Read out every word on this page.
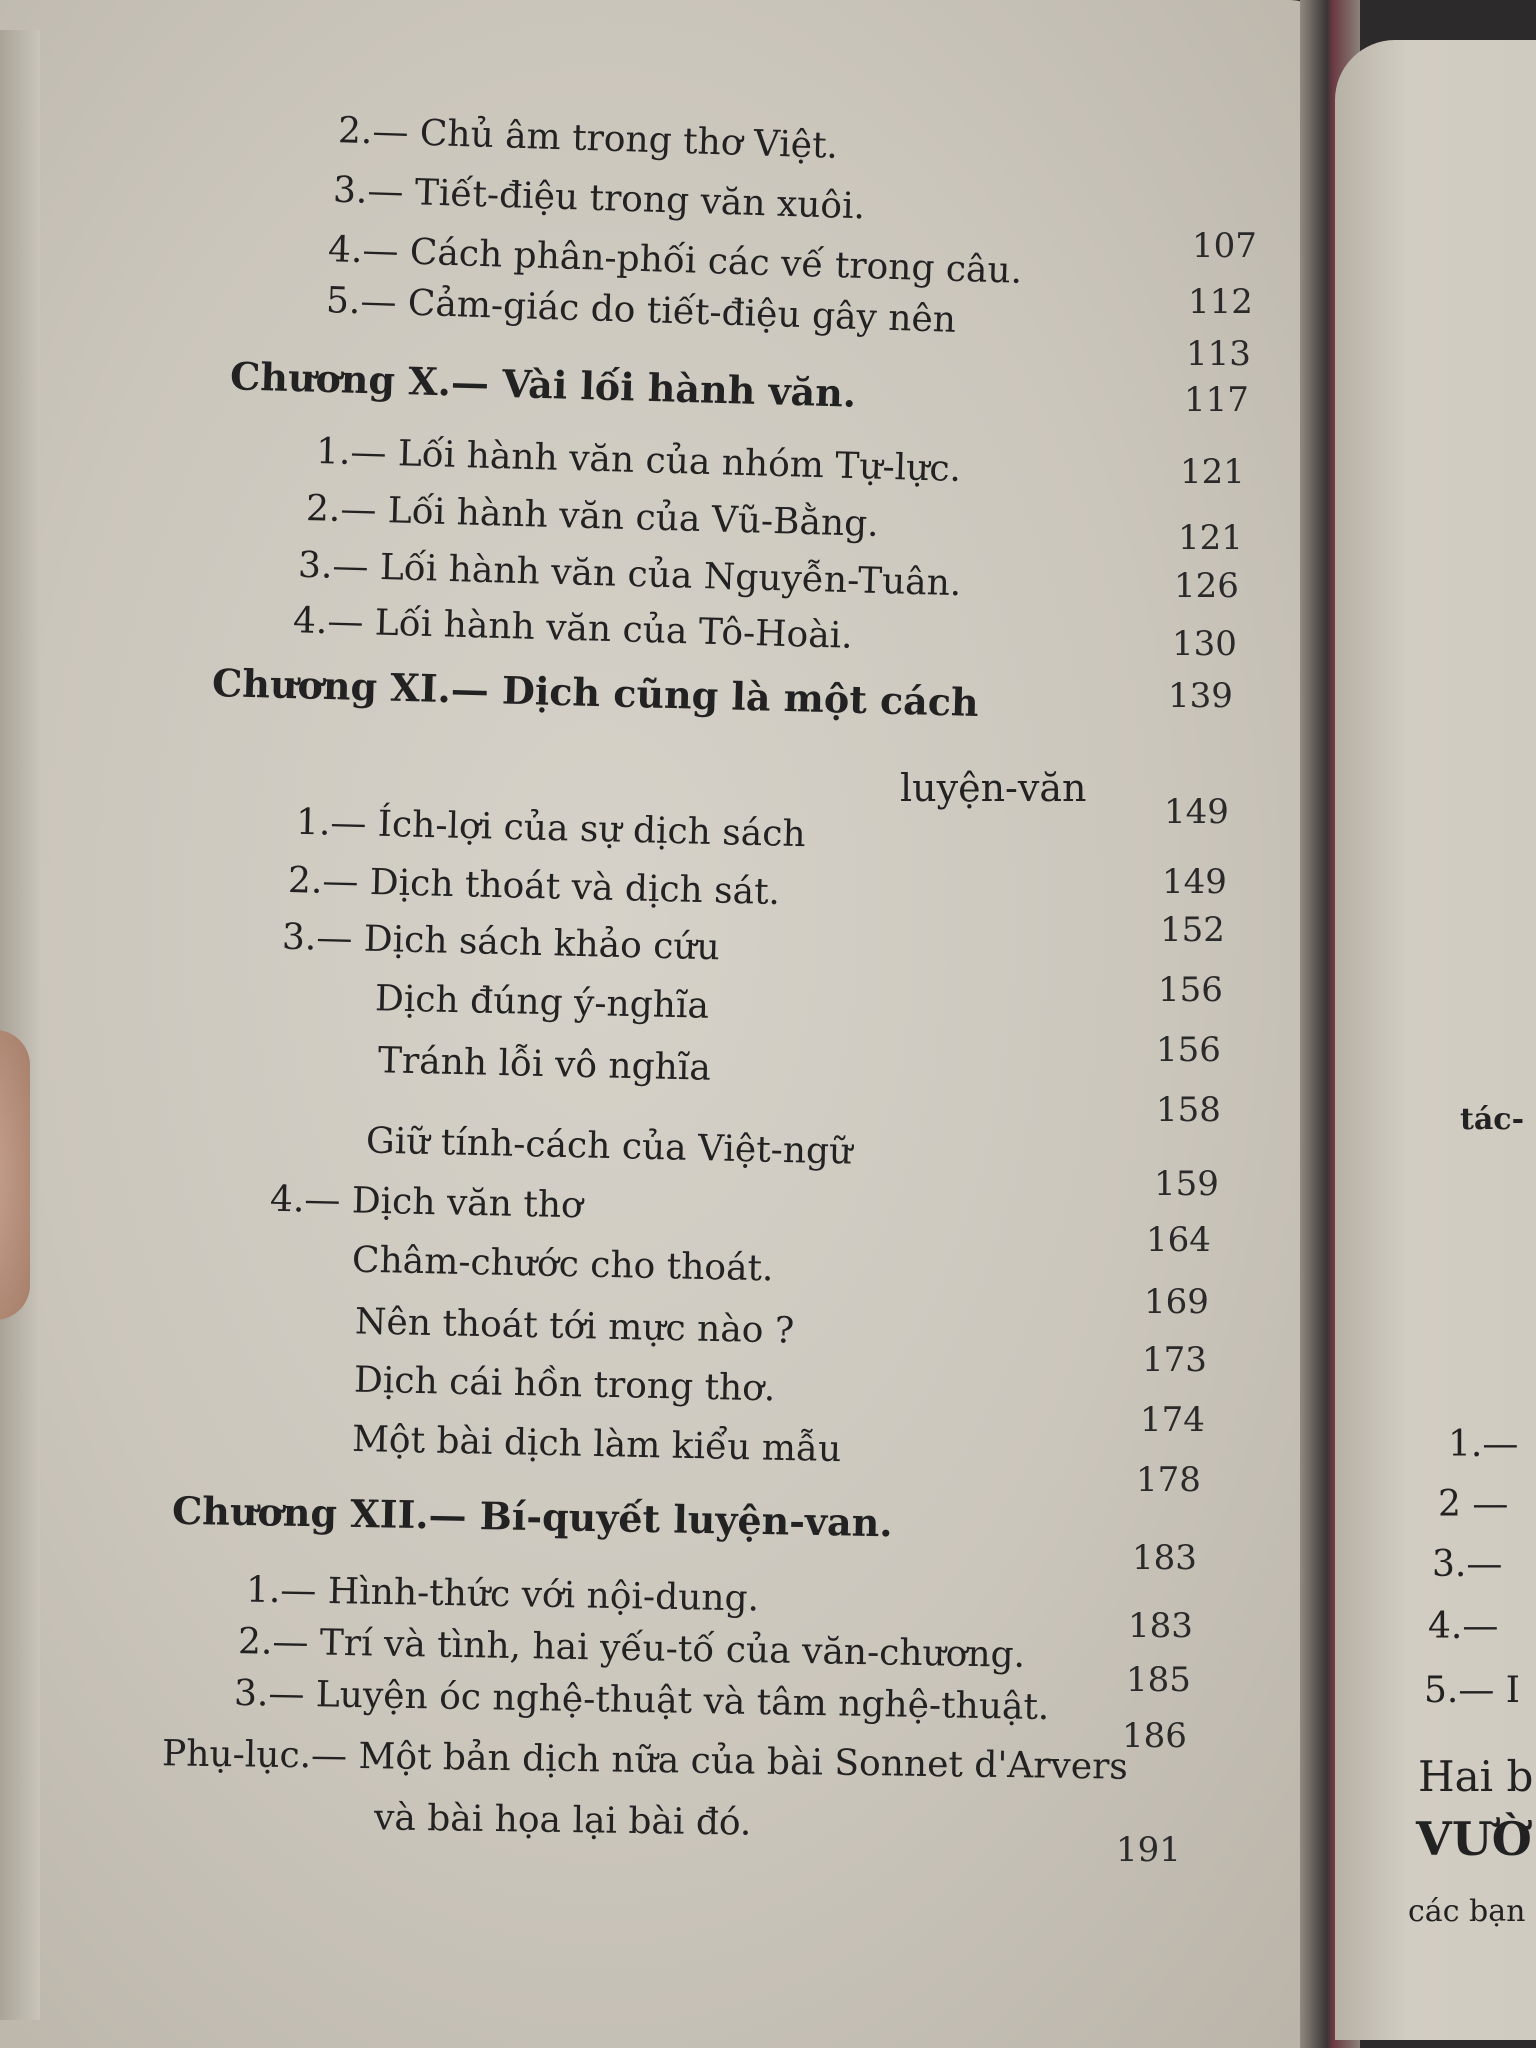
2.— Chủ âm trong thơ Việt.
3.— Tiết-điệu trong văn xuôi.
4.— Cách phân-phối các vế trong câu.
5.— Cảm-giác do tiết-điệu gây nên
Chương X.— Vài lối hành văn.
1.— Lối hành văn của nhóm Tự-lực.
2.— Lối hành văn của Vũ-Bằng.
3.— Lối hành văn của Nguyễn-Tuân.
4.— Lối hành văn của Tô-Hoài.
Chương XI.— Dịch cũng là một cách
luyện-văn
1.— Ích-lợi của sự dịch sách
2.— Dịch thoát và dịch sát.
3.— Dịch sách khảo cứu
Dịch đúng ý-nghĩa
Tránh lỗi vô nghĩa
Giữ tính-cách của Việt-ngữ
4.— Dịch văn thơ
Châm-chước cho thoát.
Nên thoát tới mực nào ?
Dịch cái hồn trong thơ.
Một bài dịch làm kiểu mẫu
Chương XII.— Bí-quyết luyện-van.
1.— Hình-thức với nội-dung.
2.— Trí và tình, hai yếu-tố của văn-chương.
3.— Luyện óc nghệ-thuật và tâm nghệ-thuật.
Phụ-lục.— Một bản dịch nữa của bài Sonnet d'Arvers
và bài họa lại bài đó.
107
112
113
117
121
121
126
130
139
149
149
152
156
156
158
159
164
169
173
174
178
183
183
185
186
191
tác-
1.—
2 —
3.—
4.—
5.— I
Hai b
VƯỜ
các bạn
